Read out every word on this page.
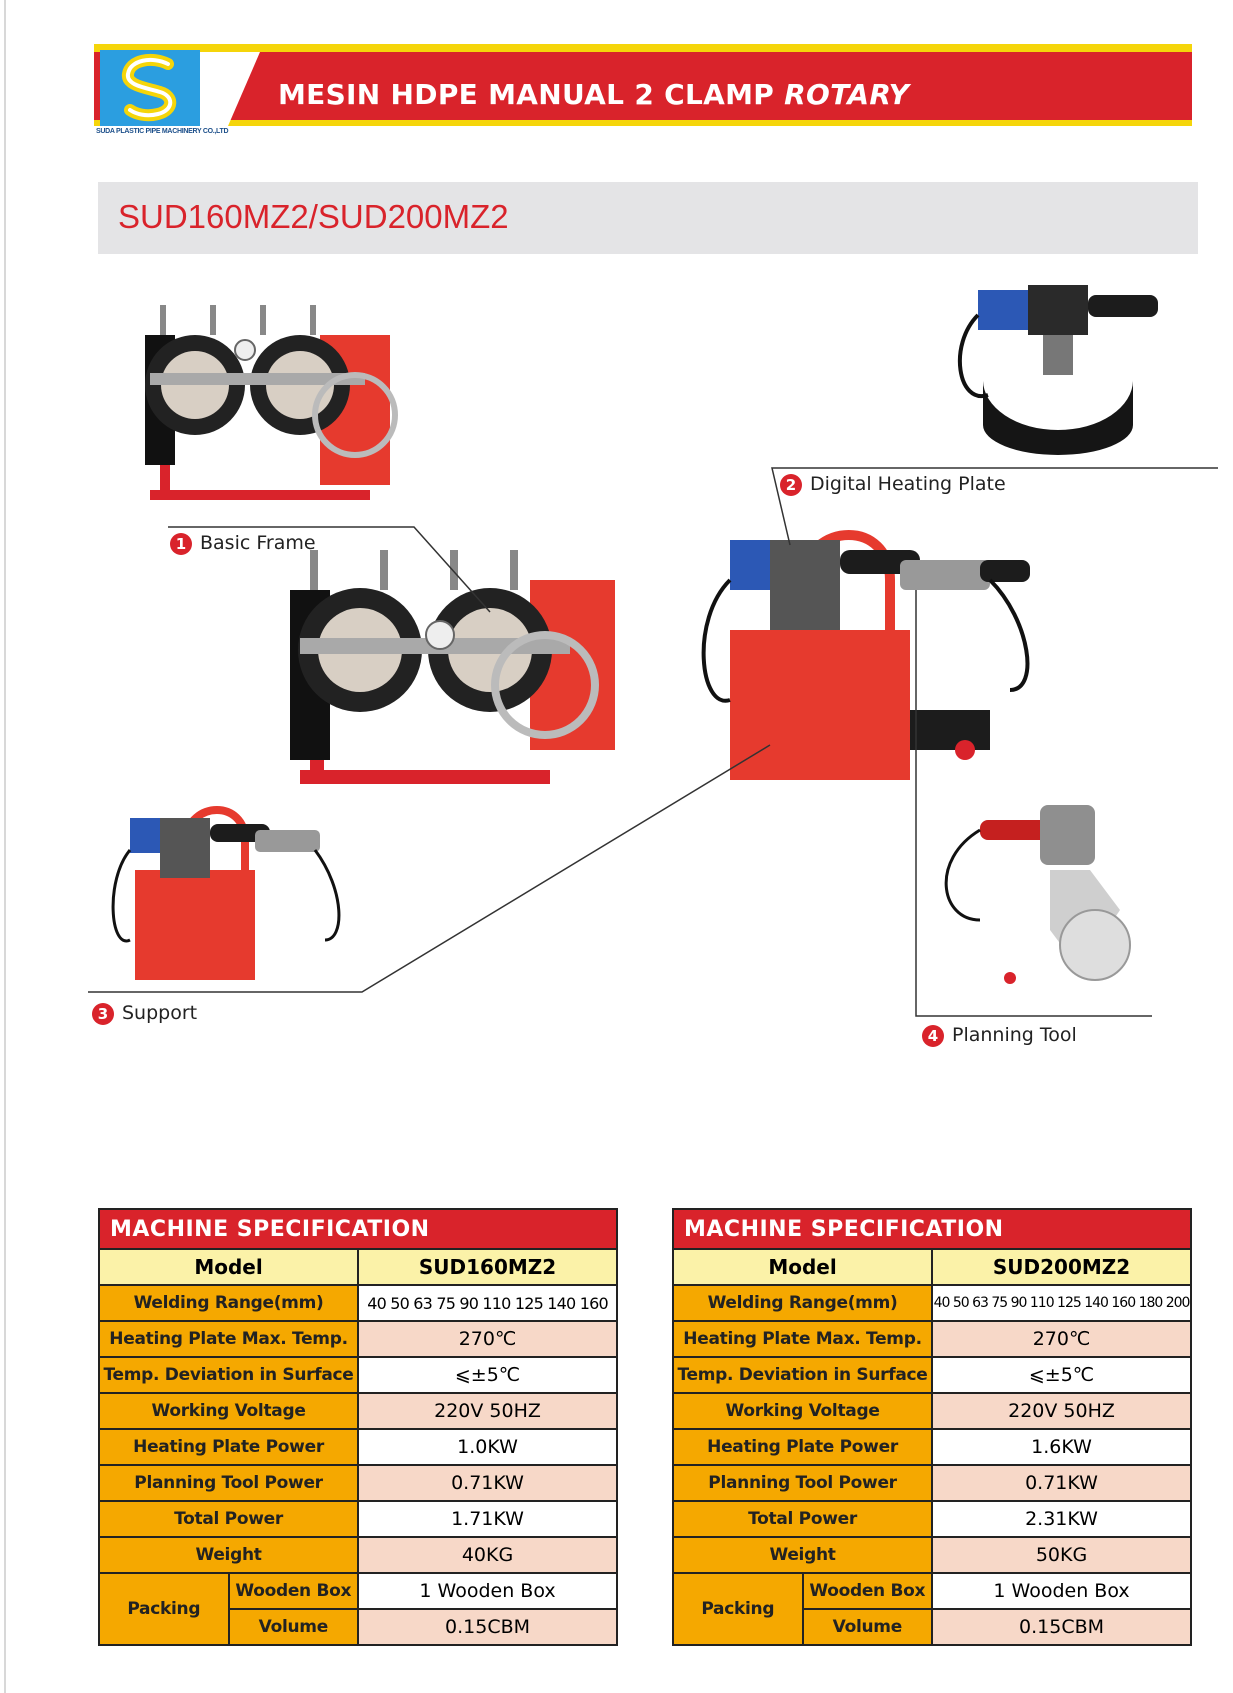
SUDA PLASTIC PIPE MACHINERY CO.,LTD
MESIN HDPE MANUAL 2 CLAMP ROTARY
SUD160MZ2/SUD200MZ2
1 Basic Frame
2 Digital Heating Plate
3 Support
4 Planning Tool
MACHINE SPECIFICATION		
Model		SUD160MZ2
Welding Range(mm)		40 50 63 75 90 110 125 140 160
Heating Plate Max. Temp.		270℃
Temp. Deviation in Surface		⩽±5℃
Working Voltage		220V 50HZ
Heating Plate Power		1.0KW
Planning Tool Power		0.71KW
Total Power		1.71KW
Weight		40KG
Packing	Wooden Box	1 Wooden Box
	Volume	0.15CBM
MACHINE SPECIFICATION		
Model		SUD200MZ2
Welding Range(mm)		40 50 63 75 90 110 125 140 160 180 200
Heating Plate Max. Temp.		270℃
Temp. Deviation in Surface		⩽±5℃
Working Voltage		220V 50HZ
Heating Plate Power		1.6KW
Planning Tool Power		0.71KW
Total Power		2.31KW
Weight		50KG
Packing	Wooden Box	1 Wooden Box
	Volume	0.15CBM
